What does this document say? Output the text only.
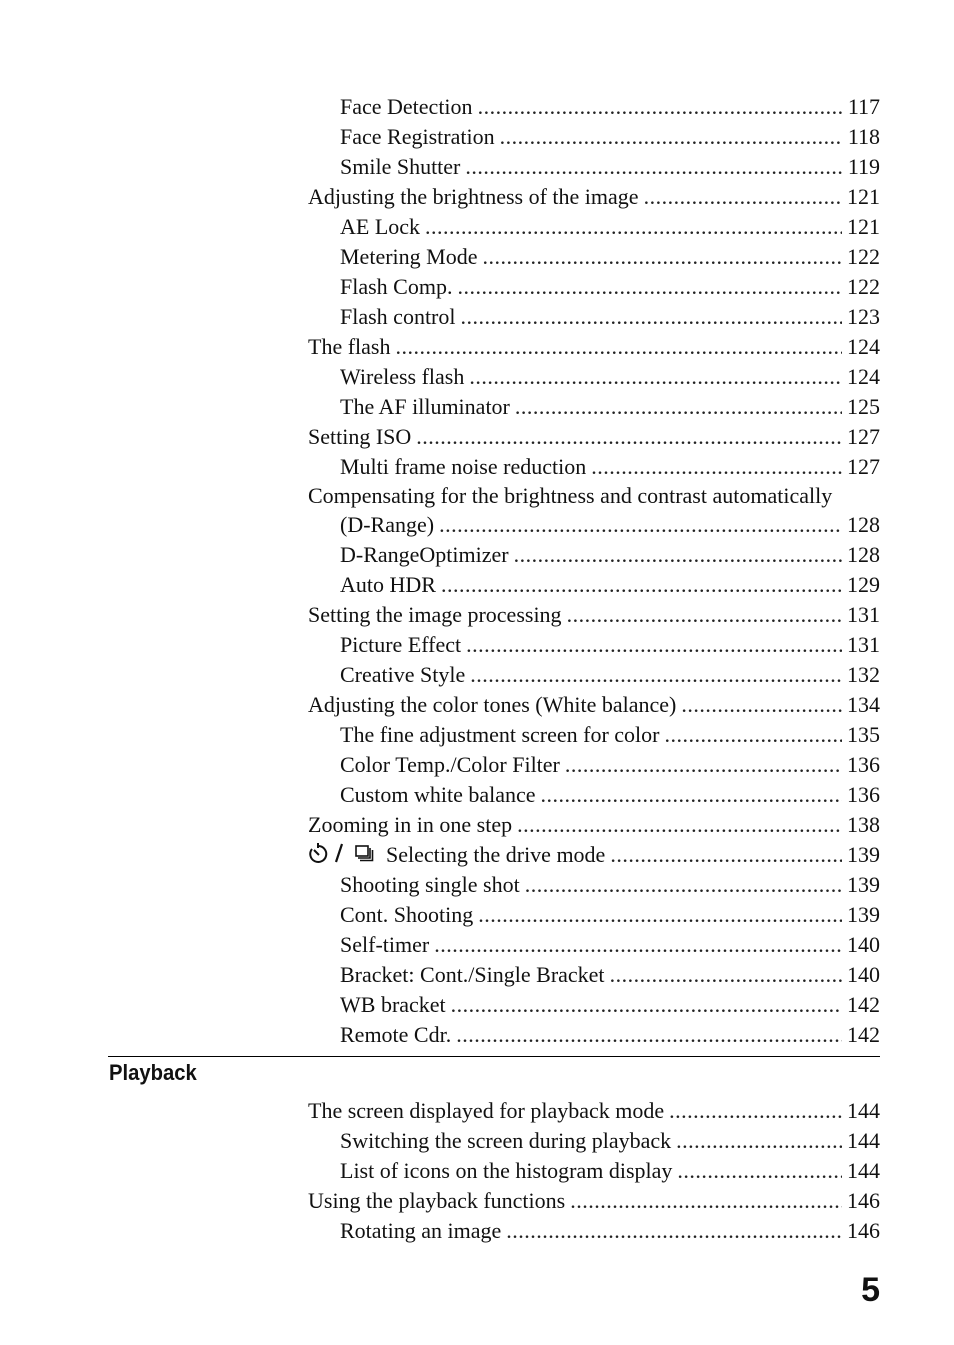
Face Detection .....	117
Face Registration .....	118
Smile Shutter .....	119
Adjusting the brightness of the image .....	121
AE Lock .....	121
Metering Mode .....	122
Flash Comp. .....	122
Flash control .....	123
The flash .....	124
Wireless flash .....	124
The AF illuminator .....	125
Setting ISO .....	127
Multi frame noise reduction .....	127
Compensating for the brightness and contrast automatically
(D-Range) .....	128
D-RangeOptimizer .....	128
Auto HDR .....	129
Setting the image processing .....	131
Picture Effect .....	131
Creative Style .....	132
Adjusting the color tones (White balance) .....	134
The fine adjustment screen for color .....	135
Color Temp./Color Filter .....	136
Custom white balance .....	136
Zooming in in one step .....	138
Selecting the drive mode .....	139
Shooting single shot .....	139
Cont. Shooting .....	139
Self-timer .....	140
Bracket: Cont./Single Bracket .....	140
WB bracket .....	142
Remote Cdr. .....	142
Playback
The screen displayed for playback mode .....	144
Switching the screen during playback .....	144
List of icons on the histogram display .....	144
Using the playback functions .....	146
Rotating an image .....	146
5
